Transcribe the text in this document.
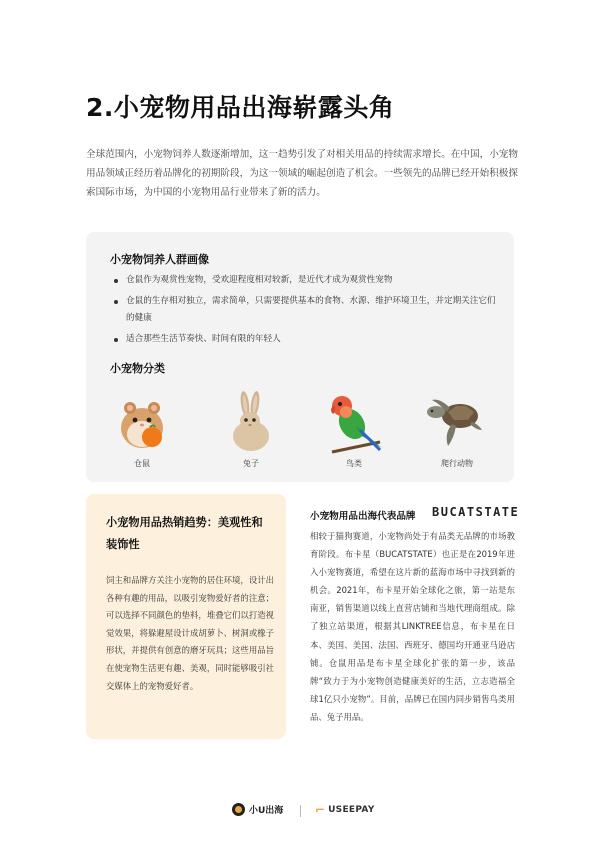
2.小宠物用品出海崭露头角

全球范围内，小宠物饲养人数逐渐增加，这一趋势引发了对相关用品的持续需求增长。在中国，小宠物用品领域正经历着品牌化的初期阶段，为这一领域的崛起创造了机会。一些领先的品牌已经开始积极探索国际市场，为中国的小宠物用品行业带来了新的活力。

小宠物饲养人群画像
仓鼠作为观赏性宠物，受欢迎程度相对较新，是近代才成为观赏性宠物
仓鼠的生存相对独立，需求简单，只需要提供基本的食物、水源、维护环境卫生，并定期关注它们的健康
适合那些生活节奏快、时间有限的年轻人
小宠物分类
仓鼠	兔子	鸟类	爬行动物
小宠物用品热销趋势：美观性和装饰性

饲主和品牌方关注小宠物的居住环境，设计出各种有趣的用品，以吸引宠物爱好者的注意；可以选择不同颜色的垫料，堆叠它们以打造视觉效果，将躲避屋设计成胡萝卜、树洞或橡子形状，并提供有创意的磨牙玩具；这些用品旨在使宠物生活更有趣、美观，同时能够吸引社交媒体上的宠物爱好者。

小宠物用品出海代表品牌 BUCATSTATE

相较于猫狗赛道，小宠物尚处于有品类无品牌的市场教育阶段。布卡星（BUCATSTATE）也正是在2019年进入小宠物赛道，希望在这片新的蓝海市场中寻找到新的机会。2021年，布卡星开始全球化之旅，第一站是东南亚，销售渠道以线上直营店铺和当地代理商组成。除了独立站渠道，根据其LINKTREE信息，布卡星在日本、美国、美国、法国、西班牙、德国均开通亚马逊店铺。仓鼠用品是布卡星全球化扩张的第一步，该品牌“致力于为小宠物创造健康美好的生活，立志造福全球1亿只小宠物”。目前，品牌已在国内同步销售鸟类用品、兔子用品。

小U出海	⌐ USEEPAY
